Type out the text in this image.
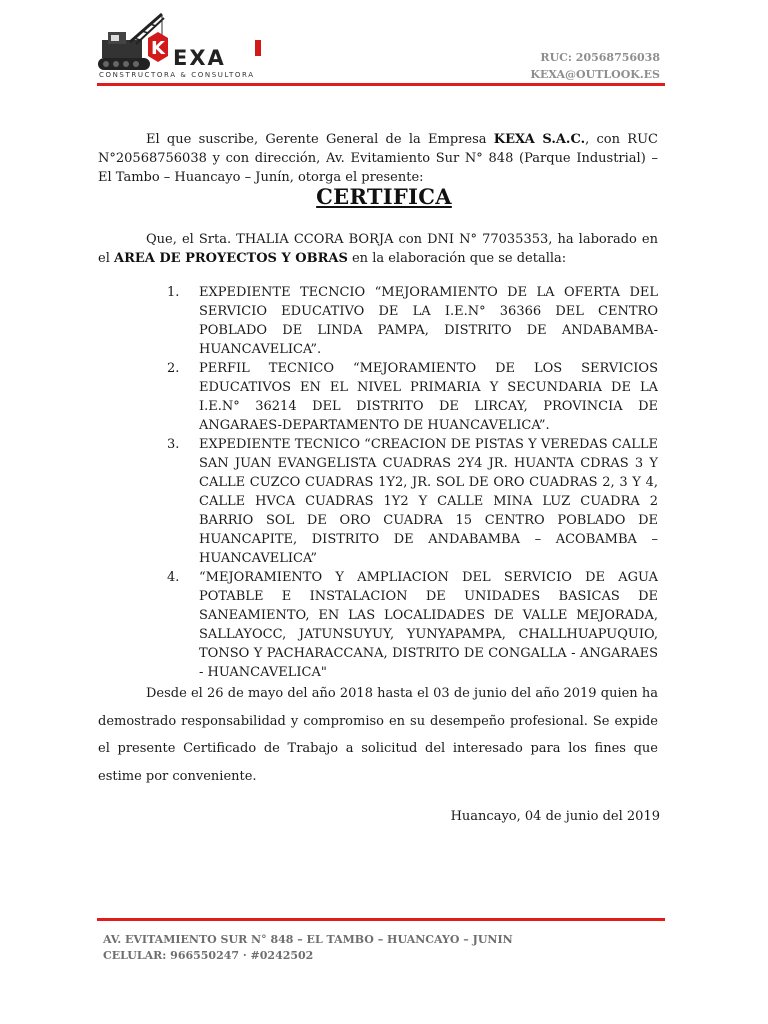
K EXA
CONSTRUCTORA & CONSULTORA
RUC: 20568756038
KEXA@OUTLOOK.ES
El que suscribe, Gerente General de la Empresa KEXA S.A.C., con RUC N°20568756038 y con dirección, Av. Evitamiento Sur N° 848 (Parque Industrial) – El Tambo – Huancayo – Junín, otorga el presente:
CERTIFICA
Que, el Srta. THALIA CCORA BORJA con DNI N° 77035353, ha laborado en el AREA DE PROYECTOS Y OBRAS en la elaboración que se detalla:
1.	EXPEDIENTE TECNCIO “MEJORAMIENTO DE LA OFERTA DEL SERVICIO EDUCATIVO DE LA I.E.N° 36366 DEL CENTRO POBLADO DE LINDA PAMPA, DISTRITO DE ANDABAMBA-HUANCAVELICA”.
2.	PERFIL TECNICO “MEJORAMIENTO DE LOS SERVICIOS EDUCATIVOS EN EL NIVEL PRIMARIA Y SECUNDARIA DE LA I.E.N° 36214 DEL DISTRITO DE LIRCAY, PROVINCIA DE ANGARAES-DEPARTAMENTO DE HUANCAVELICA”.
3.	EXPEDIENTE TECNICO “CREACION DE PISTAS Y VEREDAS CALLE SAN JUAN EVANGELISTA CUADRAS 2Y4 JR. HUANTA CDRAS 3 Y CALLE CUZCO CUADRAS 1Y2, JR. SOL DE ORO CUADRAS 2, 3 Y 4, CALLE HVCA CUADRAS 1Y2 Y CALLE MINA LUZ CUADRA 2 BARRIO SOL DE ORO CUADRA 15 CENTRO POBLADO DE HUANCAPITE, DISTRITO DE ANDABAMBA – ACOBAMBA – HUANCAVELICA”
4.	“MEJORAMIENTO Y AMPLIACION DEL SERVICIO DE AGUA POTABLE E INSTALACION DE UNIDADES BASICAS DE SANEAMIENTO, EN LAS LOCALIDADES DE VALLE MEJORADA, SALLAYOCC, JATUNSUYUY, YUNYAPAMPA, CHALLHUAPUQUIO, TONSO Y PACHARACCANA, DISTRITO DE CONGALLA - ANGARAES - HUANCAVELICA"
Desde el 26 de mayo del año 2018 hasta el 03 de junio del año 2019 quien ha demostrado responsabilidad y compromiso en su desempeño profesional. Se expide el presente Certificado de Trabajo a solicitud del interesado para los fines que estime por conveniente.
Huancayo, 04 de junio del 2019
AV. EVITAMIENTO SUR N° 848 – EL TAMBO – HUANCAYO – JUNIN
CELULAR: 966550247 · #0242502
